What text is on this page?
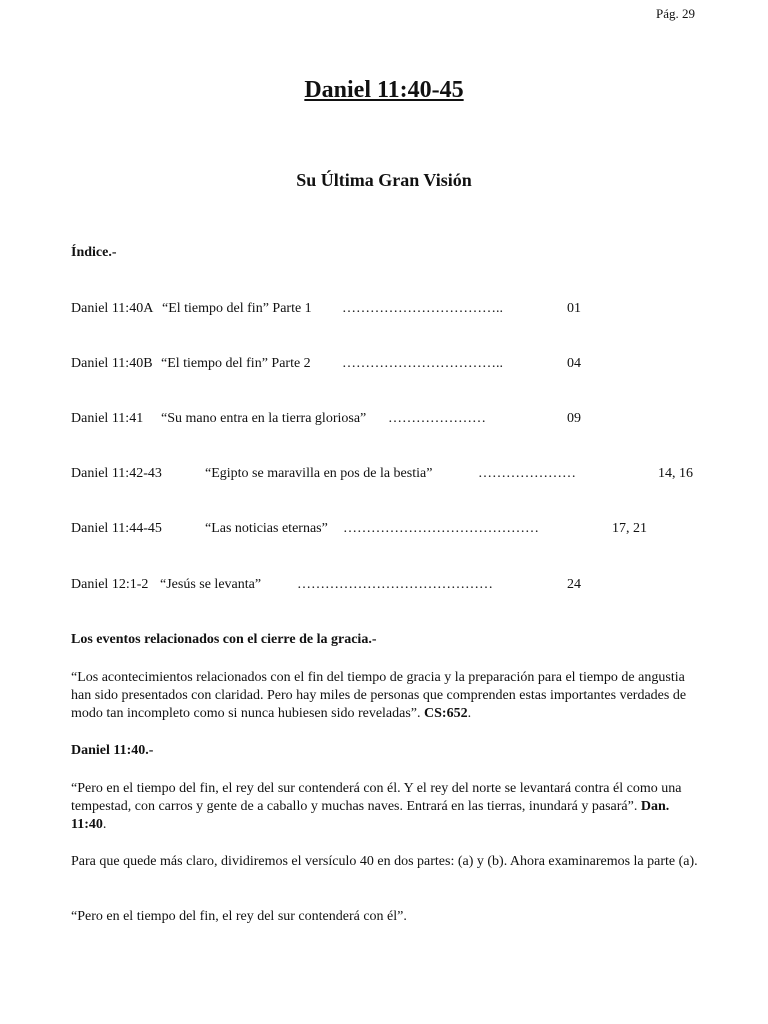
Pág. 29
Daniel 11:40-45
Su Última Gran Visión
Índice.-
Daniel 11:40A “El tiempo del fin” Parte 1 ……………………………..	01
Daniel 11:40B “El tiempo del fin” Parte 2 ……………………………..	04
Daniel 11:41 “Su mano entra en la tierra gloriosa” …………………	09
Daniel 11:42-43	“Egipto se maravilla en pos de la bestia”	…………………	14, 16
Daniel 11:44-45	“Las noticias eternas” ……………………………………	17, 21
Daniel 12:1-2 “Jesús se levanta”	……………………………………	24
Los eventos relacionados con el cierre de la gracia.-

“Los acontecimientos relacionados con el fin del tiempo de gracia y la preparación para el tiempo de angustia han sido presentados con claridad. Pero hay miles de personas que comprenden estas importantes verdades de modo tan incompleto como si nunca hubiesen sido reveladas”. CS:652.

Daniel 11:40.-

“Pero en el tiempo del fin, el rey del sur contenderá con él. Y el rey del norte se levantará contra él como una tempestad, con carros y gente de a caballo y muchas naves. Entrará en las tierras, inundará y pasará”. Dan. 11:40.

Para que quede más claro, dividiremos el versículo 40 en dos partes: (a) y (b). Ahora examinaremos la parte (a).

“Pero en el tiempo del fin, el rey del sur contenderá con él”.
